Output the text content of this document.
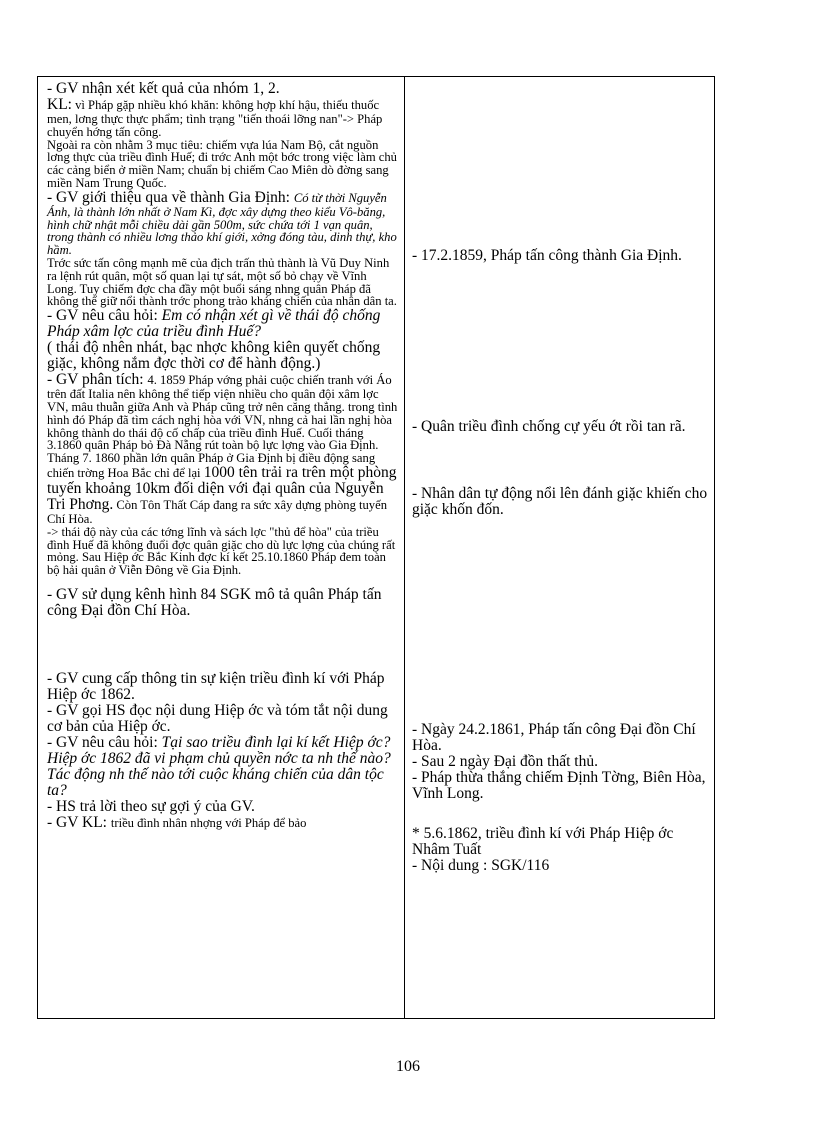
- GV nhận xét kết quả của nhóm 1, 2.

KL: vì Pháp gặp nhiều khó khăn: không hợp khí hậu, thiếu thuốc men, lơng thực thực phẩm; tình trạng "tiến thoái lỡng nan"-> Pháp chuyển hớng tấn công.

Ngoài ra còn nhằm 3 mục tiêu: chiếm vựa lúa Nam Bộ, cắt nguồn lơng thực của triều đình Huế; đi trớc Anh một bớc trong việc làm chủ các cảng biển ở miền Nam; chuẩn bị chiếm Cao Miên dò đờng sang miền Nam Trung Quốc.

- GV giới thiệu qua về thành Gia Định: Có từ thời Nguyễn Ánh, là thành lớn nhất ở Nam Kì, đợc xây dựng theo kiểu Vô-băng, hình chữ nhật mỗi chiều dài gần 500m, sức chứa tới 1 vạn quân, trong thành có nhiều lơng thảo khí giới, xởng đóng tàu, dinh thự, kho hầm.

Trớc sức tấn công mạnh mẽ của địch trấn thủ thành là Vũ Duy Ninh ra lệnh rút quân, một số quan lại tự sát, một số bỏ chạy về Vĩnh Long. Tuy chiếm đợc cha đầy một buổi sáng nhng quân Pháp đã không thể giữ nổi thành trớc phong trào kháng chiến của nhân dân ta.

- GV nêu câu hỏi: Em có nhận xét gì về thái độ chống Pháp xâm lợc của triều đình Huế?

( thái độ nhên nhát, bạc nhợc không kiên quyết chống giặc, không nắm đợc thời cơ để hành động.)

- GV phân tích: 4. 1859 Pháp vớng phải cuộc chiến tranh với Áo trên đất Italia nên không thể tiếp viện nhiều cho quân đội xâm lợc VN, mâu thuẫn giữa Anh và Pháp cũng trở nên căng thẳng. trong tình hình đó Pháp đã tìm cách nghị hòa với VN, nhng cả hai lần nghị hòa không thành do thái độ cố chấp của triều đình Huế. Cuối tháng 3.1860 quân Pháp bỏ Đà Nẵng rút toàn bộ lực lợng vào Gia Định. Tháng 7. 1860 phần lớn quân Pháp ở Gia Định bị điều động sang chiến trờng Hoa Bắc chỉ để lại 1000 tên trải ra trên một phòng tuyến khoảng 10km đối diện với đại quân của Nguyễn Tri Phơng. Còn Tôn Thất Cáp đang ra sức xây dựng phòng tuyến Chí Hòa.

-> thái độ này của các tớng lĩnh và sách lợc "thủ để hòa" của triều đình Huế đã không đuổi đợc quân giặc cho dù lực lợng của chúng rất mỏng. Sau Hiệp ớc Bắc Kinh đợc kí kết 25.10.1860 Pháp đem toàn bộ hải quân ở Viễn Đông về Gia Định.

- GV sử dụng kênh hình 84 SGK mô tả quân Pháp tấn công Đại đồn Chí Hòa.

- GV cung cấp thông tin sự kiện triều đình kí với Pháp Hiệp ớc 1862.

- GV gọi HS đọc nội dung Hiệp ớc và tóm tắt nội dung cơ bản của Hiệp ớc.

- GV nêu câu hỏi: Tại sao triều đình lại kí kết Hiệp ớc? Hiệp ớc 1862 đã vi phạm chủ quyền nớc ta nh thế nào? Tác động nh thế nào tới cuộc kháng chiến của dân tộc ta?

- HS trả lời theo sự gợi ý của GV.

- GV KL: triều đình nhân nhợng với Pháp để bảo

- 17.2.1859, Pháp tấn công thành Gia Định.

- Quân triều đình chống cự yếu ớt rồi tan rã.

- Nhân dân tự động nổi lên đánh giặc khiến cho giặc khốn đốn.

- Ngày 24.2.1861, Pháp tấn công Đại đồn Chí Hòa.

- Sau 2 ngày Đại đồn thất thủ.

- Pháp thừa thắng chiếm Định Tờng, Biên Hòa, Vĩnh Long.

* 5.6.1862, triều đình kí với Pháp Hiệp ớc Nhâm Tuất

- Nội dung : SGK/116

106
